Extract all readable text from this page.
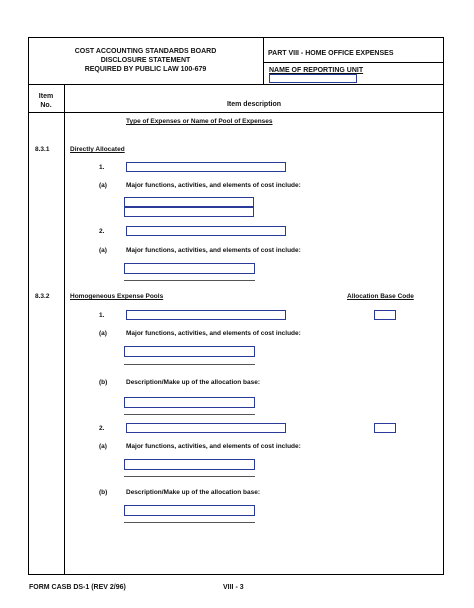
COST ACCOUNTING STANDARDS BOARD
DISCLOSURE STATEMENT
REQUIRED BY PUBLIC LAW 100-679
PART VIII - HOME OFFICE EXPENSES
NAME OF REPORTING UNIT
Item
No.	Item description
Type of Expenses or Name of Pool of Expenses
8.3.1	Directly Allocated
1.
(a)	Major functions, activities, and elements of cost include:
2.
(a)	Major functions, activities, and elements of cost include:
8.3.2	Homogeneous Expense Pools	Allocation Base Code
1.
(a)	Major functions, activities, and elements of cost include:
(b)	Description/Make up of the allocation base:
2.
(a)	Major functions, activities, and elements of cost include:
(b)	Description/Make up of the allocation base:
FORM CASB DS-1 (REV 2/96)	VIII - 3
